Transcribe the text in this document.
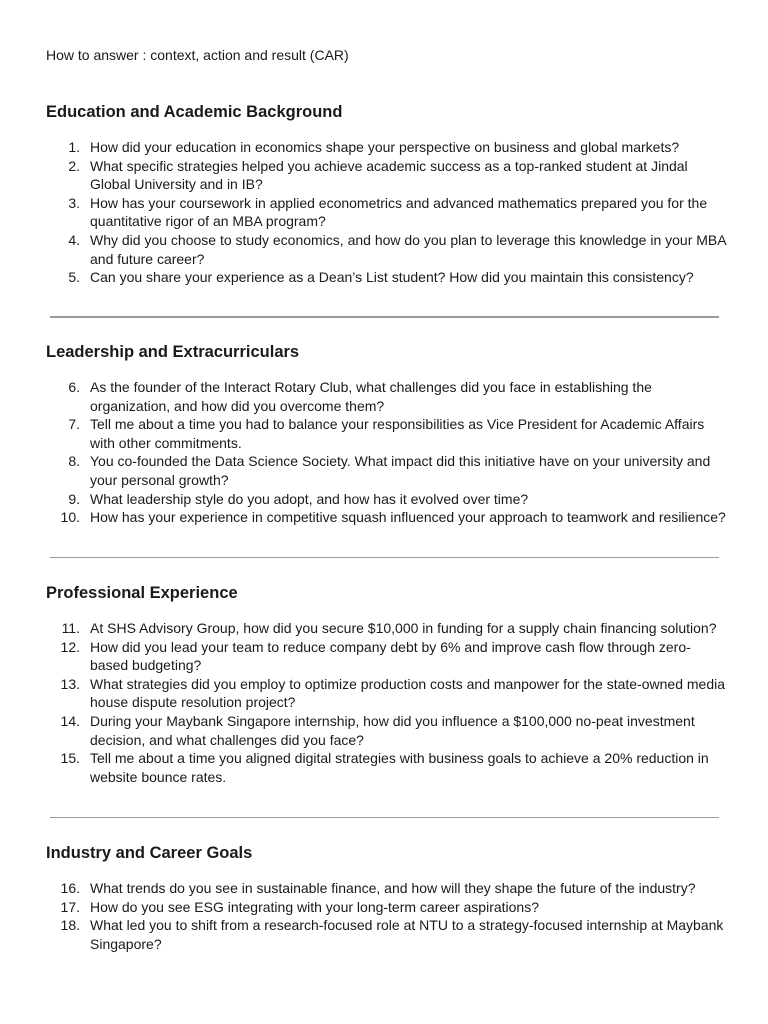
How to answer : context, action and result (CAR)

Education and Academic Background
1. How did your education in economics shape your perspective on business and global markets?
2. What specific strategies helped you achieve academic success as a top-ranked student at Jindal Global University and in IB?
3. How has your coursework in applied econometrics and advanced mathematics prepared you for the quantitative rigor of an MBA program?
4. Why did you choose to study economics, and how do you plan to leverage this knowledge in your MBA and future career?
5. Can you share your experience as a Dean’s List student? How did you maintain this consistency?
Leadership and Extracurriculars
6. As the founder of the Interact Rotary Club, what challenges did you face in establishing the organization, and how did you overcome them?
7. Tell me about a time you had to balance your responsibilities as Vice President for Academic Affairs with other commitments.
8. You co-founded the Data Science Society. What impact did this initiative have on your university and your personal growth?
9. What leadership style do you adopt, and how has it evolved over time?
10. How has your experience in competitive squash influenced your approach to teamwork and resilience?
Professional Experience
11. At SHS Advisory Group, how did you secure $10,000 in funding for a supply chain financing solution?
12. How did you lead your team to reduce company debt by 6% and improve cash flow through zero-based budgeting?
13. What strategies did you employ to optimize production costs and manpower for the state-owned media house dispute resolution project?
14. During your Maybank Singapore internship, how did you influence a $100,000 no-peat investment decision, and what challenges did you face?
15. Tell me about a time you aligned digital strategies with business goals to achieve a 20% reduction in website bounce rates.
Industry and Career Goals
16. What trends do you see in sustainable finance, and how will they shape the future of the industry?
17. How do you see ESG integrating with your long-term career aspirations?
18. What led you to shift from a research-focused role at NTU to a strategy-focused internship at Maybank Singapore?
